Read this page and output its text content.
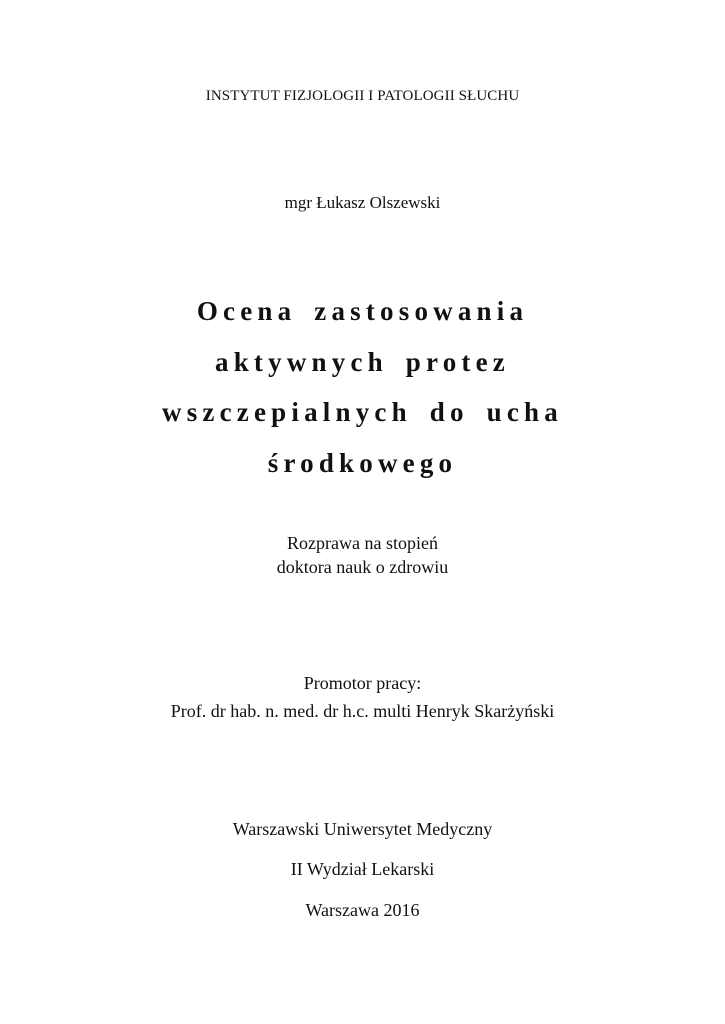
INSTYTUT FIZJOLOGII I PATOLOGII SŁUCHU
mgr Łukasz Olszewski
Ocena zastosowania
aktywnych protez
wszczepialnych do ucha
środkowego
Rozprawa na stopień
doktora nauk o zdrowiu
Promotor pracy:
Prof. dr hab. n. med. dr h.c. multi Henryk Skarżyński
Warszawski Uniwersytet Medyczny
II Wydział Lekarski
Warszawa 2016
